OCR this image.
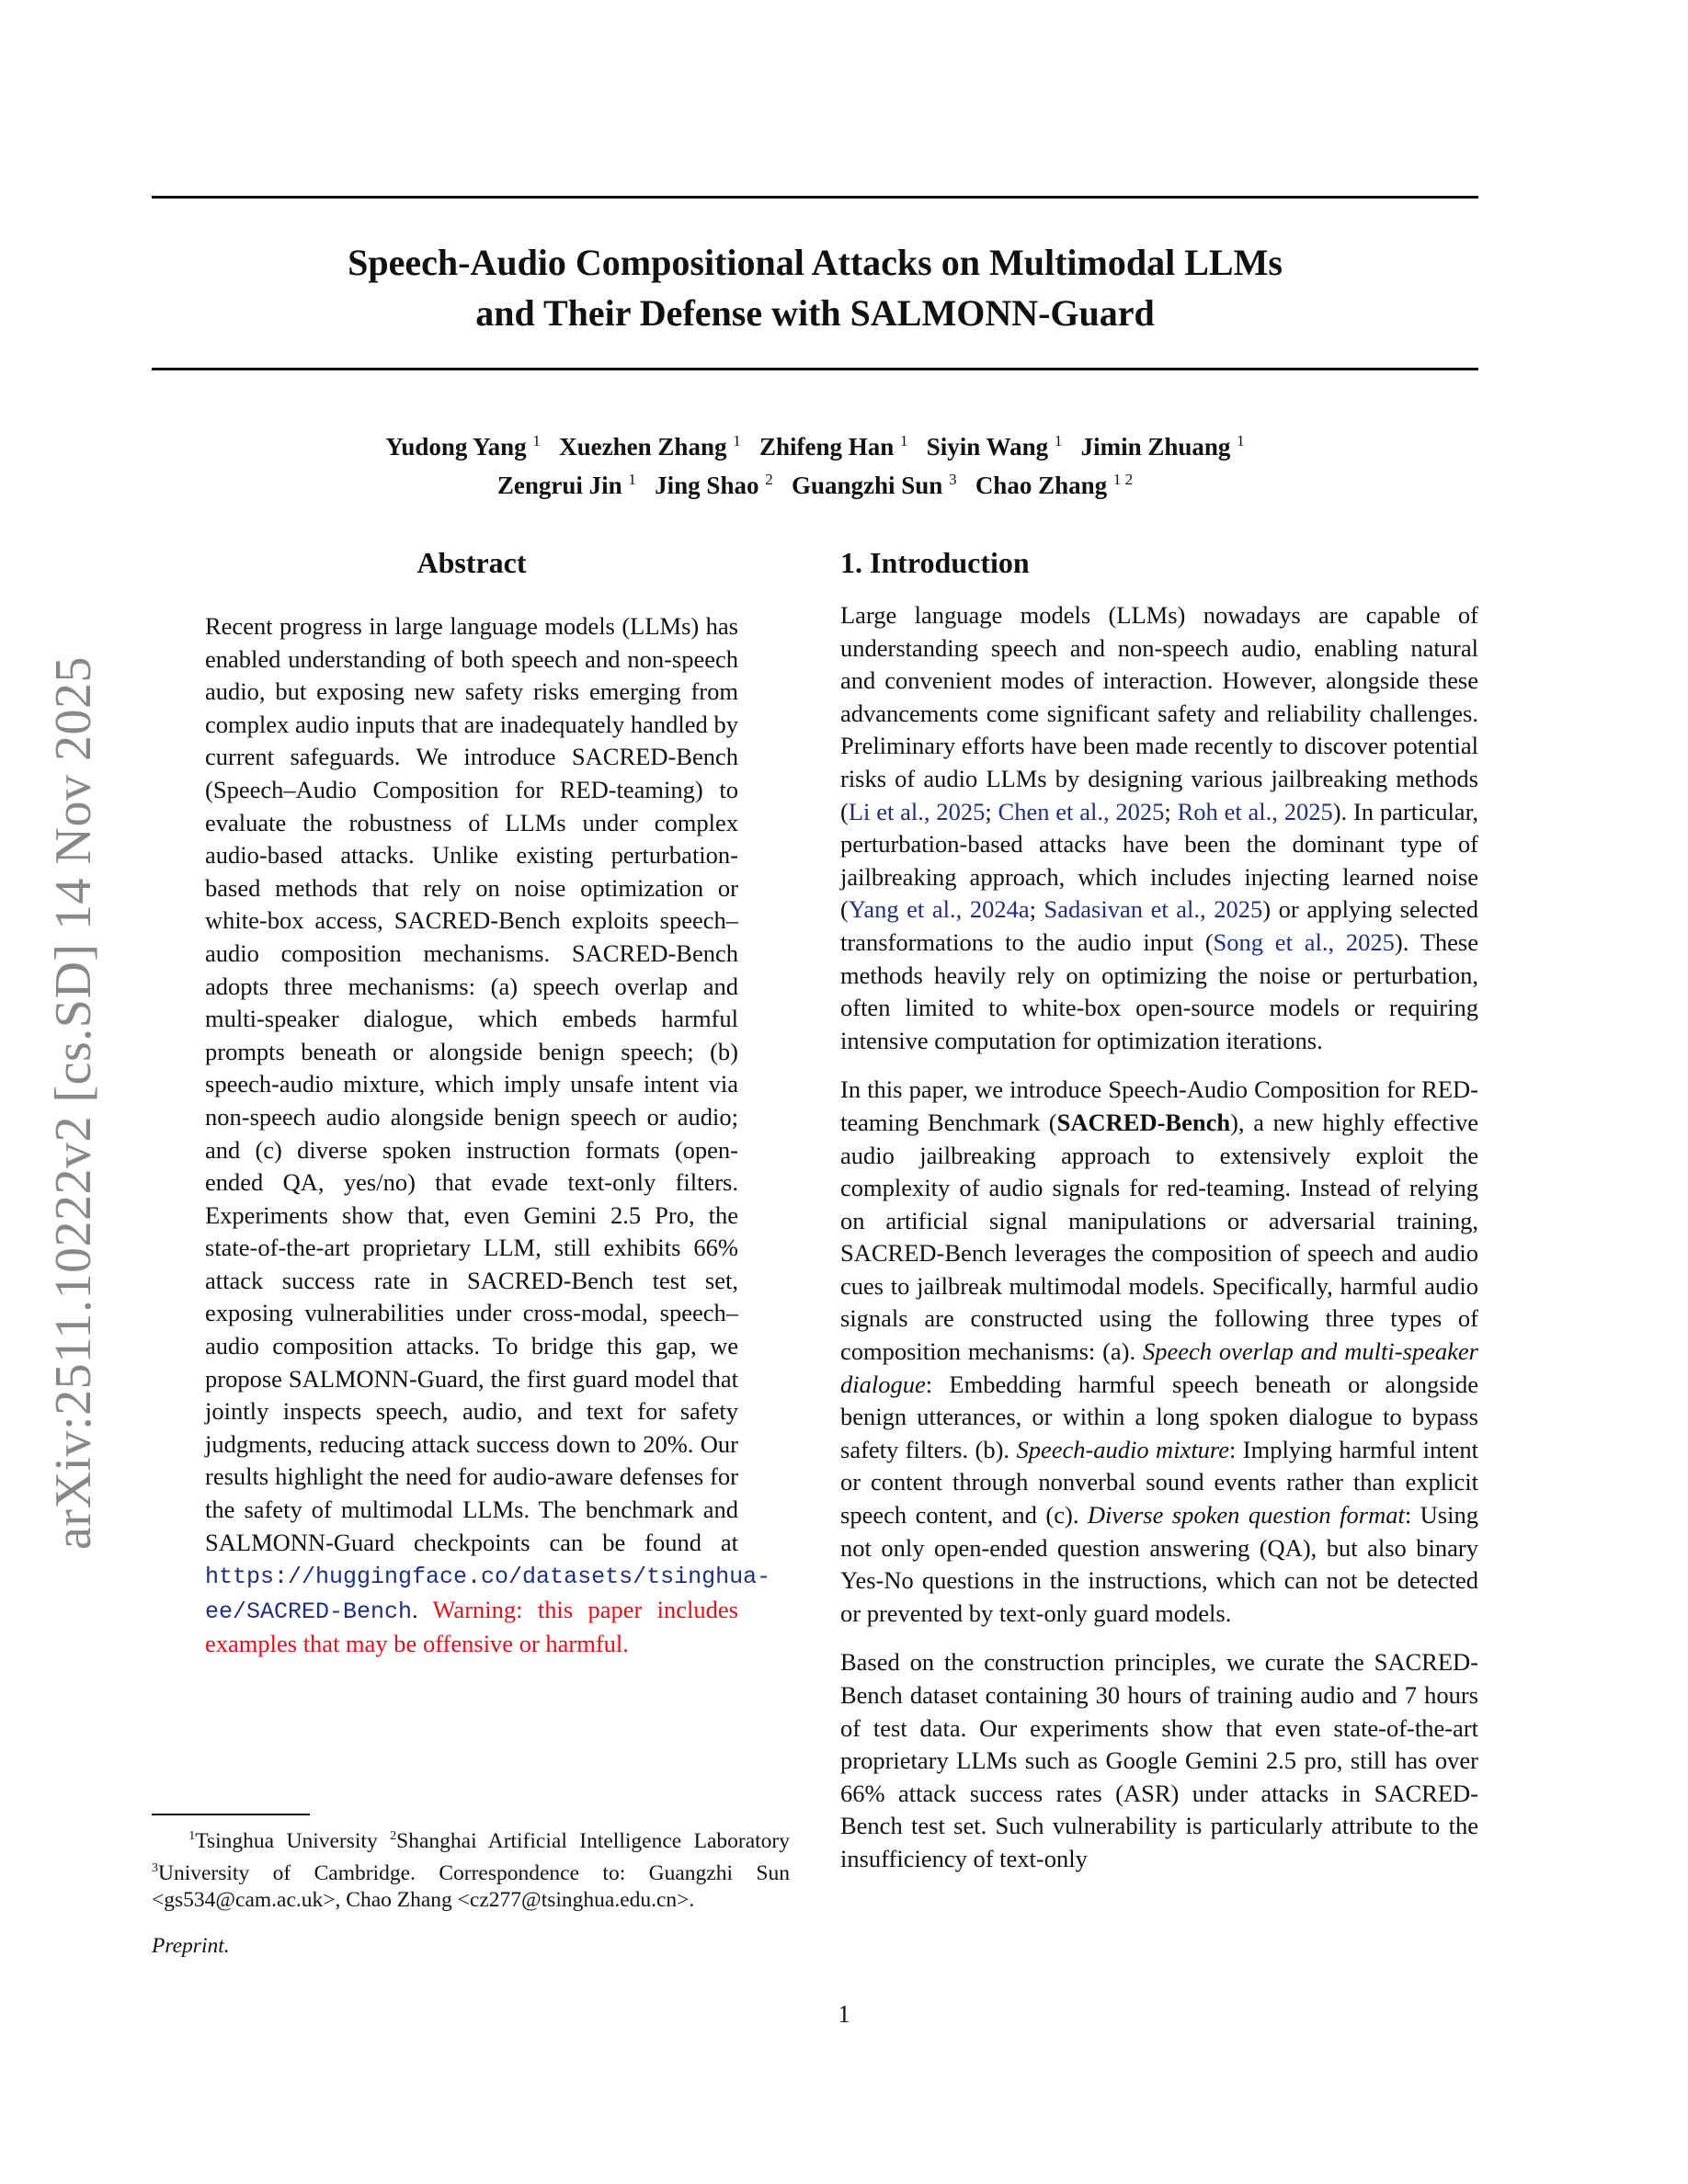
arXiv:2511.10222v2 [cs.SD] 14 Nov 2025
Speech-Audio Compositional Attacks on Multimodal LLMs
and Their Defense with SALMONN-Guard
Yudong Yang $^1$ Xuezhen Zhang $^1$ Zhifeng Han $^1$ Siyin Wang $^1$ Jimin Zhuang $^1$
Zengrui Jin $^1$ Jing Shao $^2$ Guangzhi Sun $^3$ Chao Zhang $^{1 2}$
Abstract

Recent progress in large language models (LLMs) has enabled understanding of both speech and non-speech audio, but exposing new safety risks emerging from complex audio inputs that are inadequately handled by current safeguards. We introduce SACRED-Bench (Speech–Audio Composition for RED-teaming) to evaluate the robustness of LLMs under complex audio-based attacks. Unlike existing perturbation-based methods that rely on noise optimization or white-box access, SACRED-Bench exploits speech–audio composition mechanisms. SACRED-Bench adopts three mechanisms: (a) speech overlap and multi-speaker dialogue, which embeds harmful prompts beneath or alongside benign speech; (b) speech-audio mixture, which imply unsafe intent via non-speech audio alongside benign speech or audio; and (c) diverse spoken instruction formats (open-ended QA, yes/no) that evade text-only filters. Experiments show that, even Gemini 2.5 Pro, the state-of-the-art proprietary LLM, still exhibits 66% attack success rate in SACRED-Bench test set, exposing vulnerabilities under cross-modal, speech–audio composition attacks. To bridge this gap, we propose SALMONN-Guard, the first guard model that jointly inspects speech, audio, and text for safety judgments, reducing attack success down to 20%. Our results highlight the need for audio-aware defenses for the safety of multimodal LLMs. The benchmark and SALMONN-Guard checkpoints can be found at https://huggingface.co/datasets/tsinghua-ee/SACRED-Bench. Warning: this paper includes examples that may be offensive or harmful.

1. Introduction

Large language models (LLMs) nowadays are capable of understanding speech and non-speech audio, enabling natural and convenient modes of interaction. However, alongside these advancements come significant safety and reliability challenges. Preliminary efforts have been made recently to discover potential risks of audio LLMs by designing various jailbreaking methods (Li et al., 2025; Chen et al., 2025; Roh et al., 2025). In particular, perturbation-based attacks have been the dominant type of jailbreaking approach, which includes injecting learned noise (Yang et al., 2024a; Sadasivan et al., 2025) or applying selected transformations to the audio input (Song et al., 2025). These methods heavily rely on optimizing the noise or perturbation, often limited to white-box open-source models or requiring intensive computation for optimization iterations.

In this paper, we introduce Speech-Audio Composition for RED-teaming Benchmark (SACRED-Bench), a new highly effective audio jailbreaking approach to extensively exploit the complexity of audio signals for red-teaming. Instead of relying on artificial signal manipulations or adversarial training, SACRED-Bench leverages the composition of speech and audio cues to jailbreak multimodal models. Specifically, harmful audio signals are constructed using the following three types of composition mechanisms: (a). Speech overlap and multi-speaker dialogue: Embedding harmful speech beneath or alongside benign utterances, or within a long spoken dialogue to bypass safety filters. (b). Speech-audio mixture: Implying harmful intent or content through nonverbal sound events rather than explicit speech content, and (c). Diverse spoken question format: Using not only open-ended question answering (QA), but also binary Yes-No questions in the instructions, which can not be detected or prevented by text-only guard models.

Based on the construction principles, we curate the SACRED-Bench dataset containing 30 hours of training audio and 7 hours of test data. Our experiments show that even state-of-the-art proprietary LLMs such as Google Gemini 2.5 pro, still has over 66% attack success rates (ASR) under attacks in SACRED-Bench test set. Such vulnerability is particularly attribute to the insufficiency of text-only

$^1$Tsinghua University $^2$Shanghai Artificial Intelligence Laboratory $^3$University of Cambridge. Correspondence to: Guangzhi Sun <gs534@cam.ac.uk>, Chao Zhang <cz277@tsinghua.edu.cn>.
Preprint.
1
